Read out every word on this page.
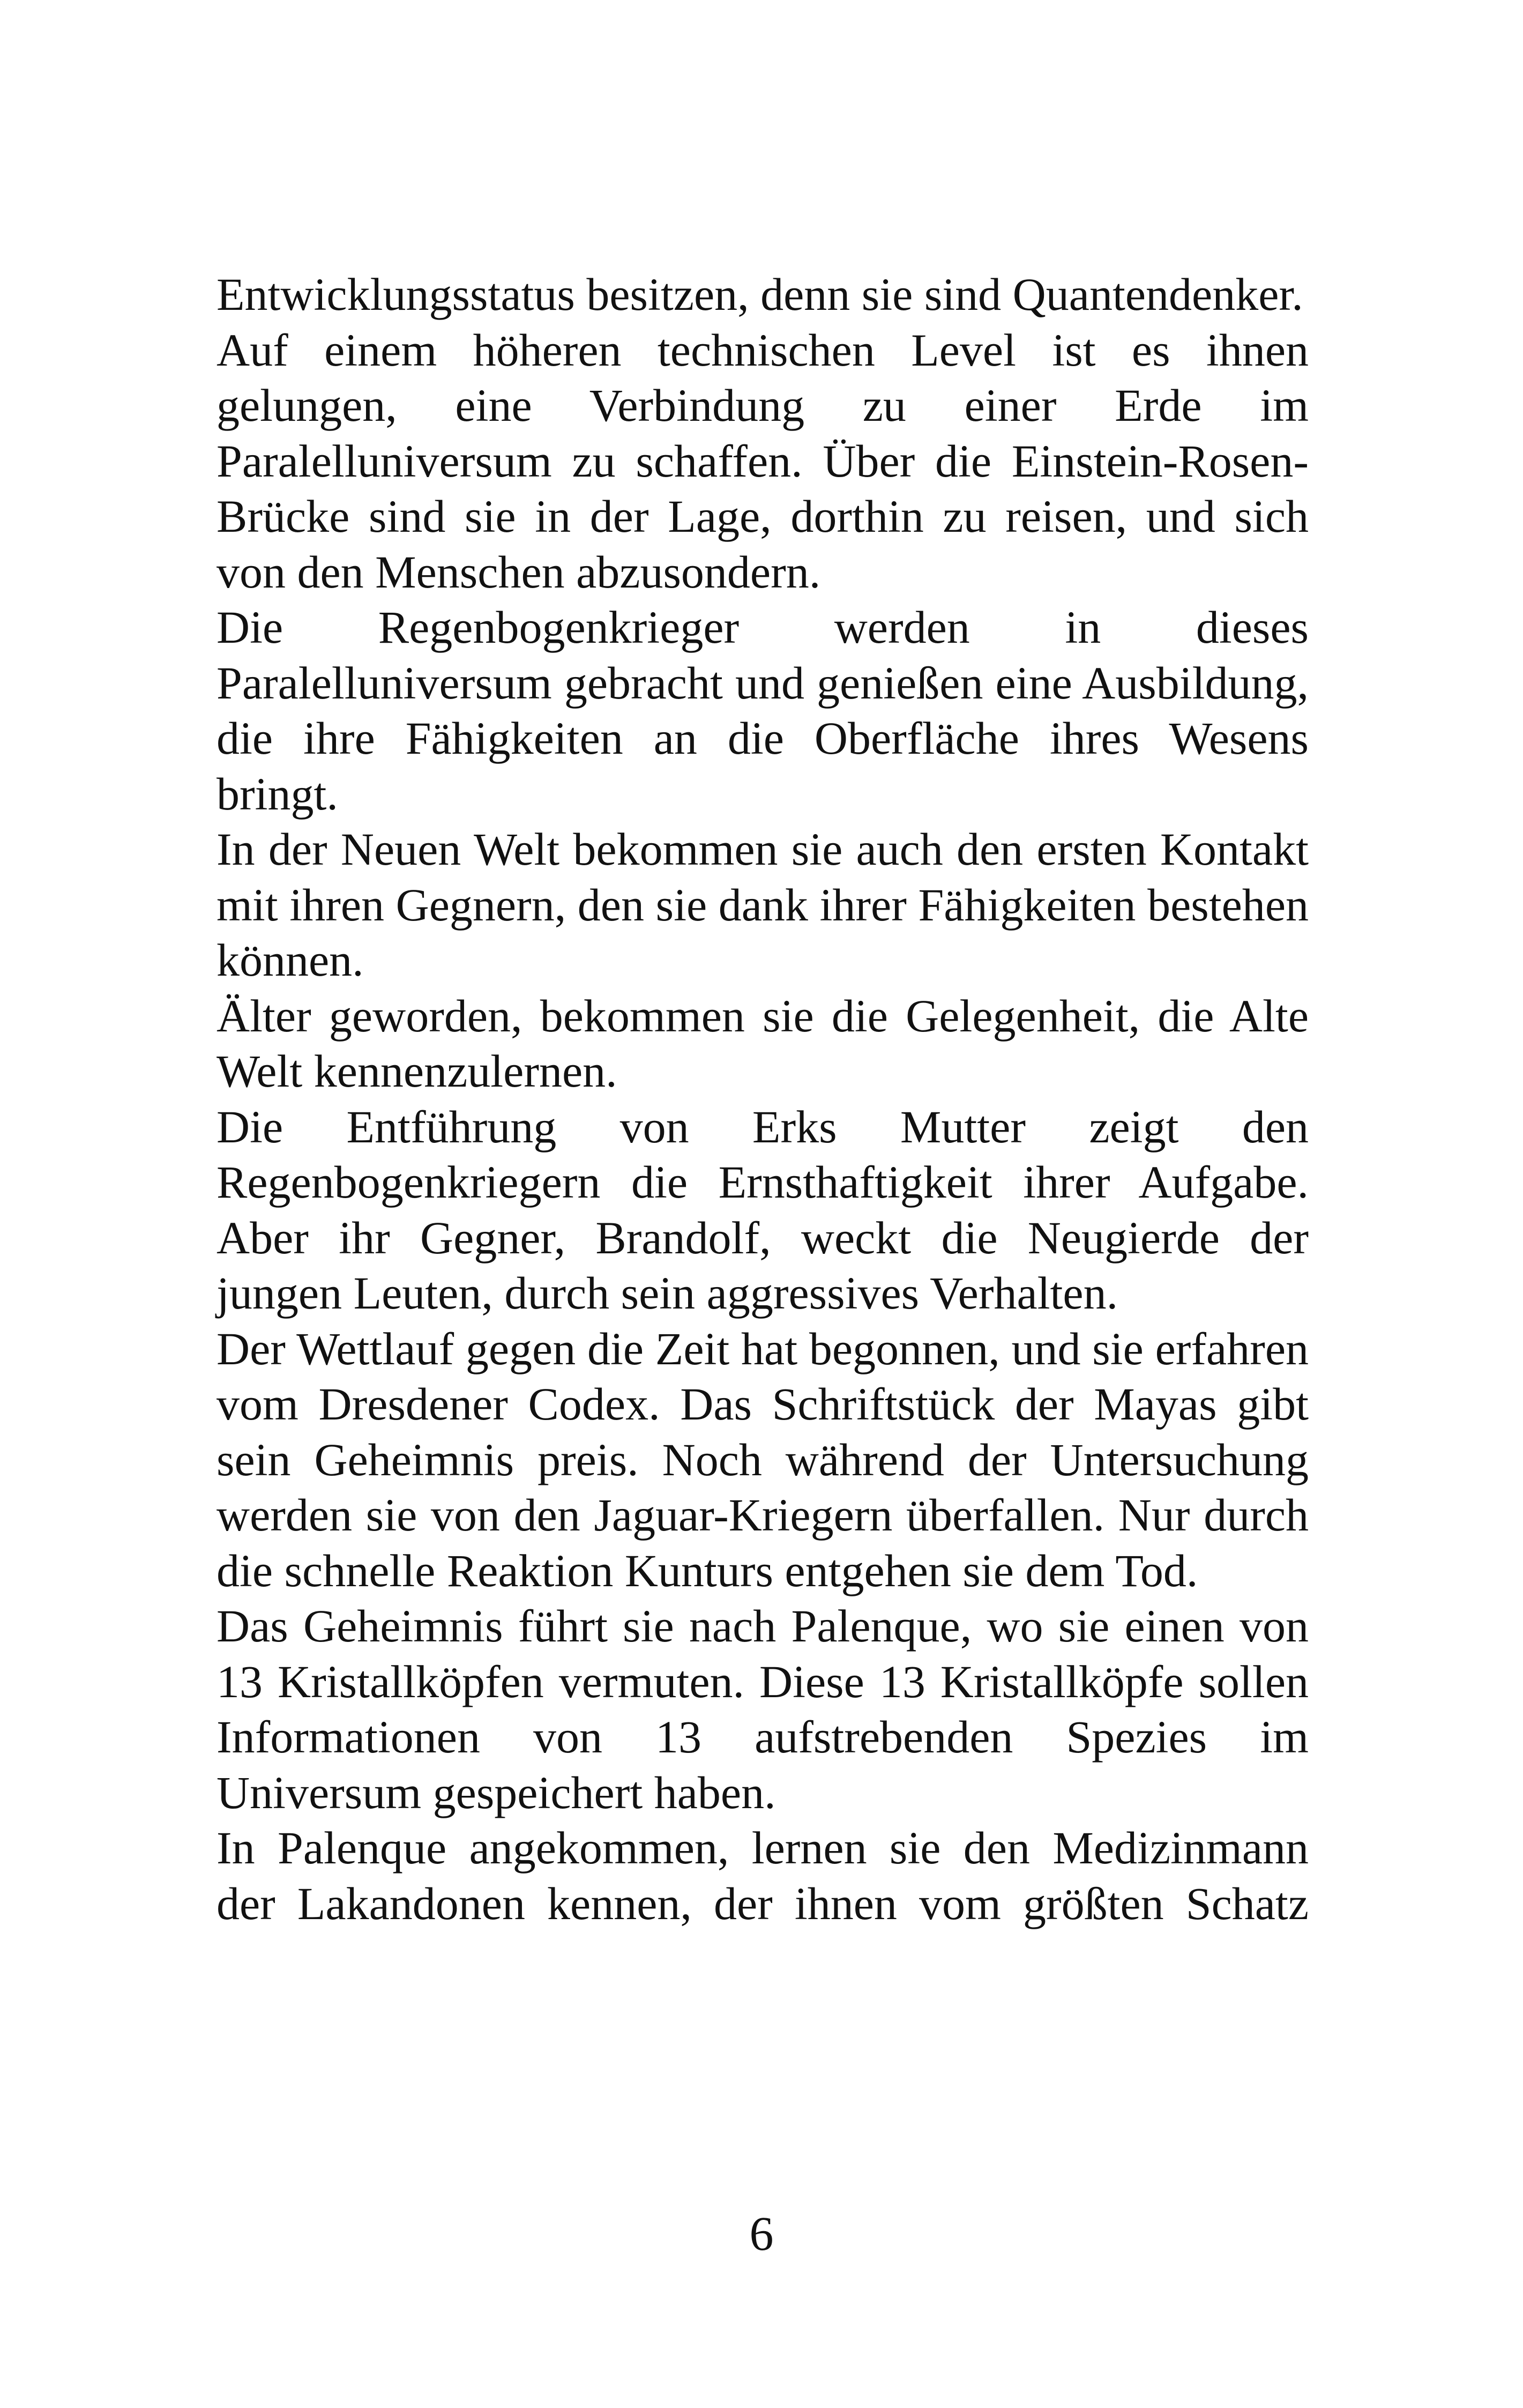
Entwicklungsstatus besitzen, denn sie sind Quantendenker.

Auf einem höheren technischen Level ist es ihnen gelungen, eine Verbindung zu einer Erde im Paralelluniversum zu schaffen. Über die Einstein-Rosen-Brücke sind sie in der Lage, dorthin zu reisen, und sich von den Menschen abzusondern.

Die Regenbogenkrieger werden in dieses Paralelluniversum gebracht und genießen eine Ausbildung, die ihre Fähigkeiten an die Oberfläche ihres Wesens bringt.

In der Neuen Welt bekommen sie auch den ersten Kontakt mit ihren Gegnern, den sie dank ihrer Fähigkeiten bestehen können.

Älter geworden, bekommen sie die Gelegenheit, die Alte Welt kennenzulernen.

Die Entführung von Erks Mutter zeigt den Regenbogenkriegern die Ernsthaftigkeit ihrer Aufgabe. Aber ihr Gegner, Brandolf, weckt die Neugierde der jungen Leuten, durch sein aggressives Verhalten.

Der Wettlauf gegen die Zeit hat begonnen, und sie erfahren vom Dresdener Codex. Das Schriftstück der Mayas gibt sein Geheimnis preis. Noch während der Untersuchung werden sie von den Jaguar-Kriegern überfallen. Nur durch die schnelle Reaktion Kunturs entgehen sie dem Tod.

Das Geheimnis führt sie nach Palenque, wo sie einen von 13 Kristallköpfen vermuten. Diese 13 Kristallköpfe sollen Informationen von 13 aufstrebenden Spezies im Universum gespeichert haben.

In Palenque angekommen, lernen sie den Medizinmann der Lakandonen kennen, der ihnen vom größten Schatz

6
